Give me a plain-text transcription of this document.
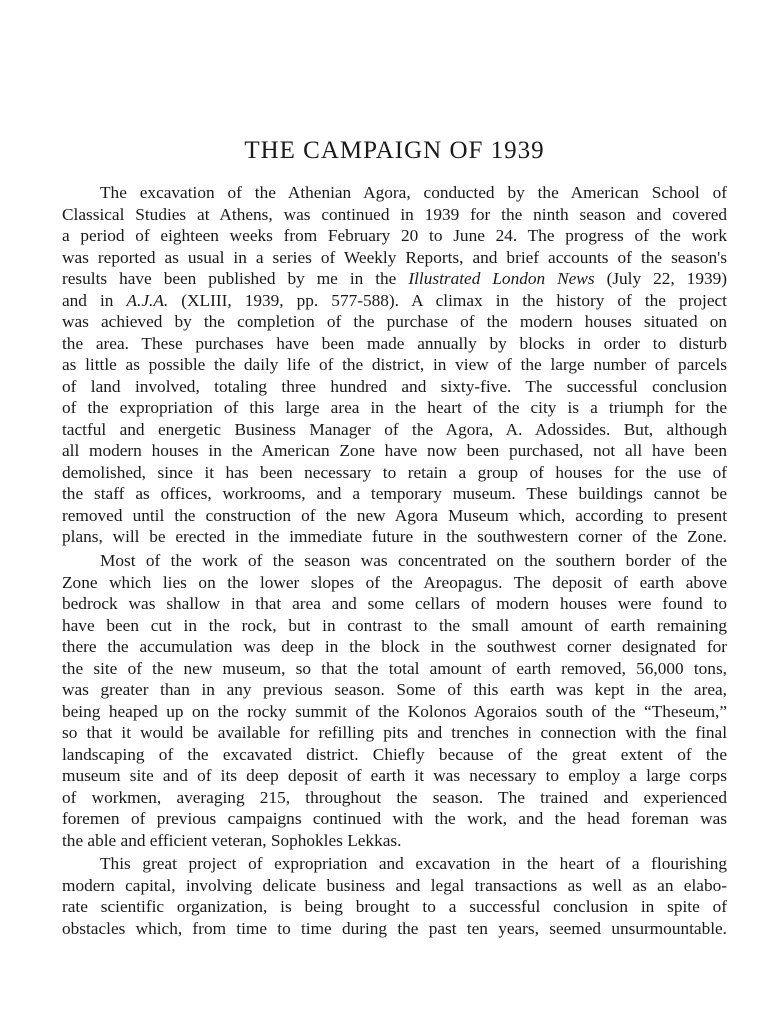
THE CAMPAIGN OF 1939
The excavation of the Athenian Agora, conducted by the American School of
Classical Studies at Athens, was continued in 1939 for the ninth season and covered
a period of eighteen weeks from February 20 to June 24. The progress of the work
was reported as usual in a series of Weekly Reports, and brief accounts of the season's
results have been published by me in the Illustrated London News (July 22, 1939)
and in A.J.A. (XLIII, 1939, pp. 577-588). A climax in the history of the project
was achieved by the completion of the purchase of the modern houses situated on
the area. These purchases have been made annually by blocks in order to disturb
as little as possible the daily life of the district, in view of the large number of parcels
of land involved, totaling three hundred and sixty-five. The successful conclusion
of the expropriation of this large area in the heart of the city is a triumph for the
tactful and energetic Business Manager of the Agora, A. Adossides. But, although
all modern houses in the American Zone have now been purchased, not all have been
demolished, since it has been necessary to retain a group of houses for the use of
the staff as offices, workrooms, and a temporary museum. These buildings cannot be
removed until the construction of the new Agora Museum which, according to present
plans, will be erected in the immediate future in the southwestern corner of the Zone.
Most of the work of the season was concentrated on the southern border of the
Zone which lies on the lower slopes of the Areopagus. The deposit of earth above
bedrock was shallow in that area and some cellars of modern houses were found to
have been cut in the rock, but in contrast to the small amount of earth remaining
there the accumulation was deep in the block in the southwest corner designated for
the site of the new museum, so that the total amount of earth removed, 56,000 tons,
was greater than in any previous season. Some of this earth was kept in the area,
being heaped up on the rocky summit of the Kolonos Agoraios south of the “Theseum,”
so that it would be available for refilling pits and trenches in connection with the final
landscaping of the excavated district. Chiefly because of the great extent of the
museum site and of its deep deposit of earth it was necessary to employ a large corps
of workmen, averaging 215, throughout the season. The trained and experienced
foremen of previous campaigns continued with the work, and the head foreman was
the able and efficient veteran, Sophokles Lekkas.
This great project of expropriation and excavation in the heart of a flourishing
modern capital, involving delicate business and legal transactions as well as an elabo-
rate scientific organization, is being brought to a successful conclusion in spite of
obstacles which, from time to time during the past ten years, seemed unsurmountable.
